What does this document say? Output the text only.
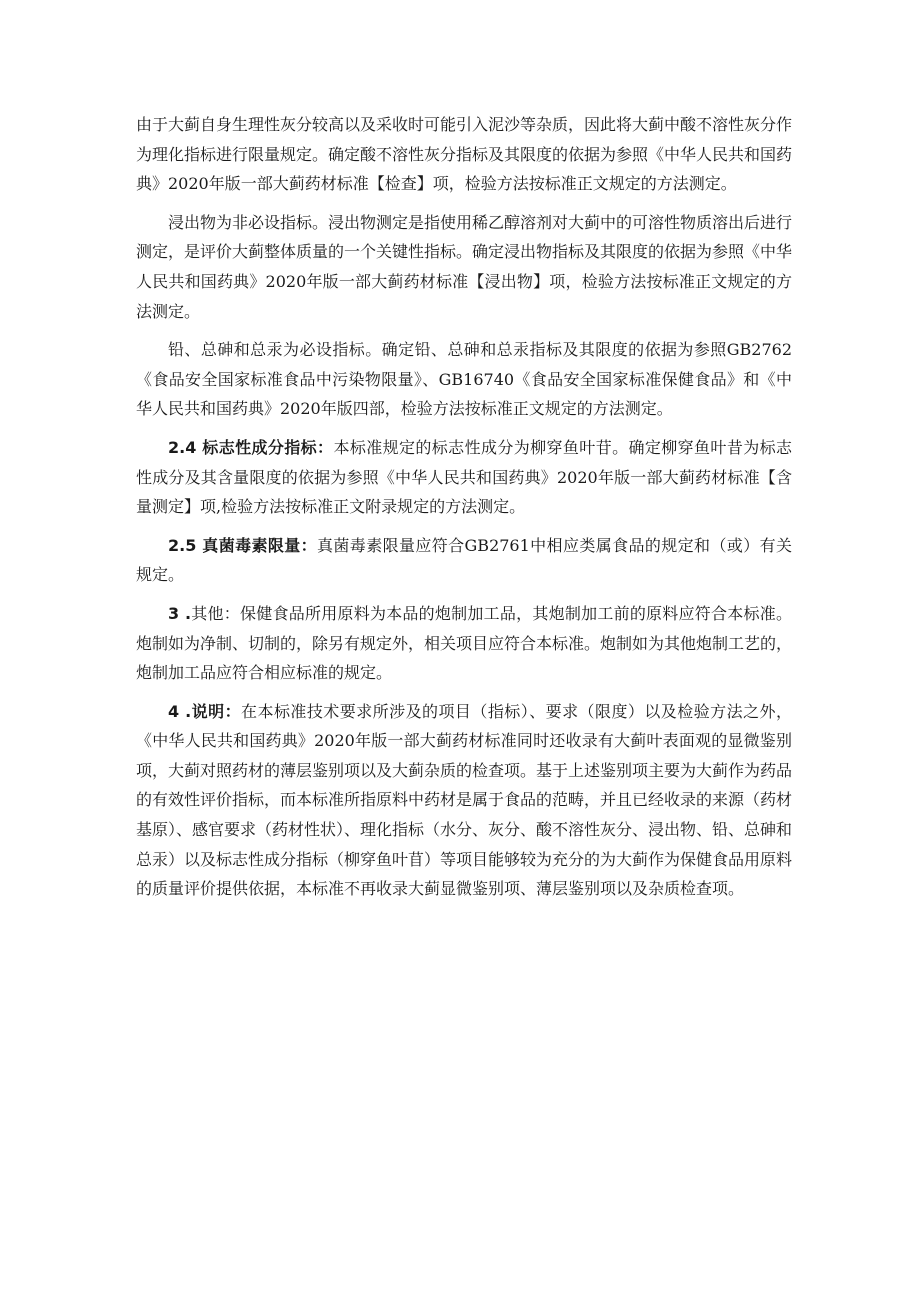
由于大蓟自身生理性灰分较高以及采收时可能引入泥沙等杂质，因此将大蓟中酸不溶性灰分作为理化指标进行限量规定。确定酸不溶性灰分指标及其限度的依据为参照《中华人民共和国药典》2020年版一部大蓟药材标准【检查】项，检验方法按标准正文规定的方法测定。

浸出物为非必设指标。浸出物测定是指使用稀乙醇溶剂对大蓟中的可溶性物质溶出后进行测定，是评价大蓟整体质量的一个关键性指标。确定浸出物指标及其限度的依据为参照《中华人民共和国药典》2020年版一部大蓟药材标准【浸出物】项，检验方法按标准正文规定的方法测定。

铅、总砷和总汞为必设指标。确定铅、总砷和总汞指标及其限度的依据为参照GB2762《食品安全国家标准食品中污染物限量》、GB16740《食品安全国家标准保健食品》和《中华人民共和国药典》2020年版四部，检验方法按标准正文规定的方法测定。

2.4 标志性成分指标：本标准规定的标志性成分为柳穿鱼叶苷。确定柳穿鱼叶昔为标志性成分及其含量限度的依据为参照《中华人民共和国药典》2020年版一部大蓟药材标准【含量测定】项,检验方法按标准正文附录规定的方法测定。

2.5 真菌毒素限量：真菌毒素限量应符合GB2761中相应类属食品的规定和（或）有关规定。

3 .其他：保健食品所用原料为本品的炮制加工品，其炮制加工前的原料应符合本标准。炮制如为净制、切制的，除另有规定外，相关项目应符合本标准。炮制如为其他炮制工艺的，炮制加工品应符合相应标准的规定。

4 .说明：在本标准技术要求所涉及的项目（指标）、要求（限度）以及检验方法之外，《中华人民共和国药典》2020年版一部大蓟药材标准同时还收录有大蓟叶表面观的显微鉴别项，大蓟对照药材的薄层鉴别项以及大蓟杂质的检查项。基于上述鉴别项主要为大蓟作为药品的有效性评价指标，而本标准所指原料中药材是属于食品的范畴，并且已经收录的来源（药材基原）、感官要求（药材性状）、理化指标（水分、灰分、酸不溶性灰分、浸出物、铅、总砷和总汞）以及标志性成分指标（柳穿鱼叶苜）等项目能够较为充分的为大蓟作为保健食品用原料的质量评价提供依据，本标准不再收录大蓟显微鉴别项、薄层鉴别项以及杂质检查项。
